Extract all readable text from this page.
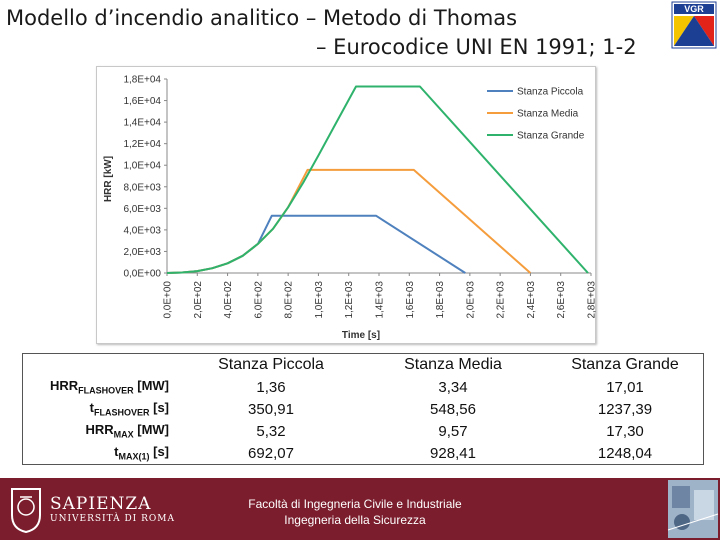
Modello d’incendio analitico – Metodo di Thomas
– Eurocodice UNI EN 1991; 1-2
VGR
0,0E+00
2,0E+03
4,0E+03
6,0E+03
8,0E+03
1,0E+04
1,2E+04
1,4E+04
1,6E+04
1,8E+04
0,0E+00 2,0E+02 4,0E+02 6,0E+02 8,0E+02 1,0E+03 1,2E+03 1,4E+03 1,6E+03 1,8E+03 2,0E+03 2,2E+03 2,4E+03 2,6E+03 2,8E+03
HRR [kW]
Time [s]
Stanza Piccola
Stanza Media
Stanza Grande
	Stanza Piccola	Stanza Media	Stanza Grande
$HRR_{FLASHOVER}$ [MW]	1,36	3,34	17,01
$t_{FLASHOVER}$ [s]	350,91	548,56	1237,39
$HRR_{MAX}$ [MW]	5,32	9,57	17,30
$t_{MAX(1)}$ [s]	692,07	928,41	1248,04
SAPIENZA
UNIVERSITÀ DI ROMA
Facoltà di Ingegneria Civile e Industriale
Ingegneria della Sicurezza
